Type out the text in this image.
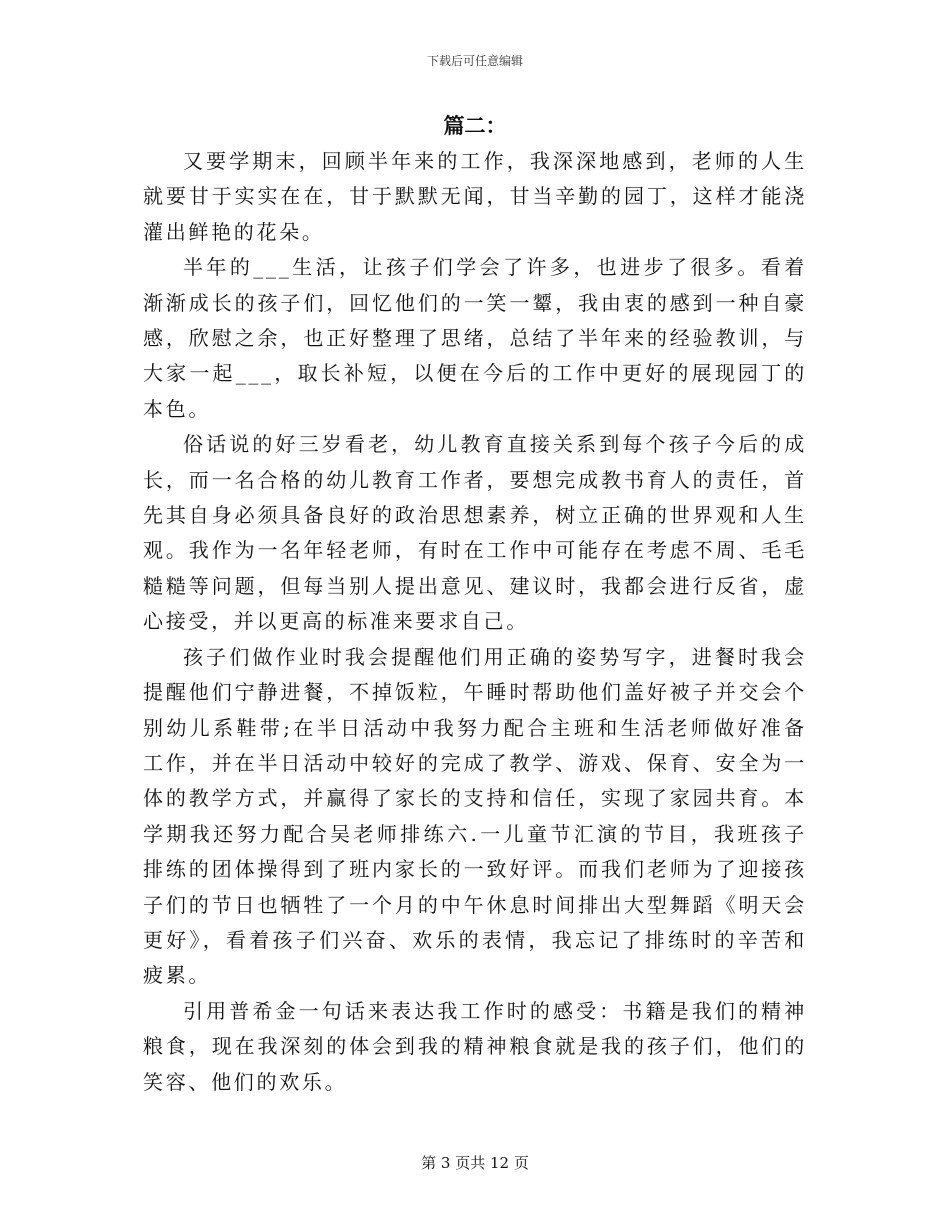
下载后可任意编辑
篇二：

又要学期末，回顾半年来的工作，我深深地感到，老师的人生就要甘于实实在在，甘于默默无闻，甘当辛勤的园丁，这样才能浇灌出鲜艳的花朵。

半年的___生活，让孩子们学会了许多，也进步了很多。看着渐渐成长的孩子们，回忆他们的一笑一颦，我由衷的感到一种自豪感，欣慰之余，也正好整理了思绪，总结了半年来的经验教训，与大家一起___，取长补短，以便在今后的工作中更好的展现园丁的本色。

俗话说的好三岁看老，幼儿教育直接关系到每个孩子今后的成长，而一名合格的幼儿教育工作者，要想完成教书育人的责任，首先其自身必须具备良好的政治思想素养，树立正确的世界观和人生观。我作为一名年轻老师，有时在工作中可能存在考虑不周、毛毛糙糙等问题，但每当别人提出意见、建议时，我都会进行反省，虚心接受，并以更高的标准来要求自己。

孩子们做作业时我会提醒他们用正确的姿势写字，进餐时我会提醒他们宁静进餐，不掉饭粒，午睡时帮助他们盖好被子并交会个别幼儿系鞋带;在半日活动中我努力配合主班和生活老师做好准备工作，并在半日活动中较好的完成了教学、游戏、保育、安全为一体的教学方式，并赢得了家长的支持和信任，实现了家园共育。本学期我还努力配合吴老师排练六.一儿童节汇演的节目，我班孩子排练的团体操得到了班内家长的一致好评。而我们老师为了迎接孩子们的节日也牺牲了一个月的中午休息时间排出大型舞蹈《明天会更好》，看着孩子们兴奋、欢乐的表情，我忘记了排练时的辛苦和疲累。

引用普希金一句话来表达我工作时的感受：书籍是我们的精神粮食，现在我深刻的体会到我的精神粮食就是我的孩子们，他们的笑容、他们的欢乐。

第 3 页共 12 页
